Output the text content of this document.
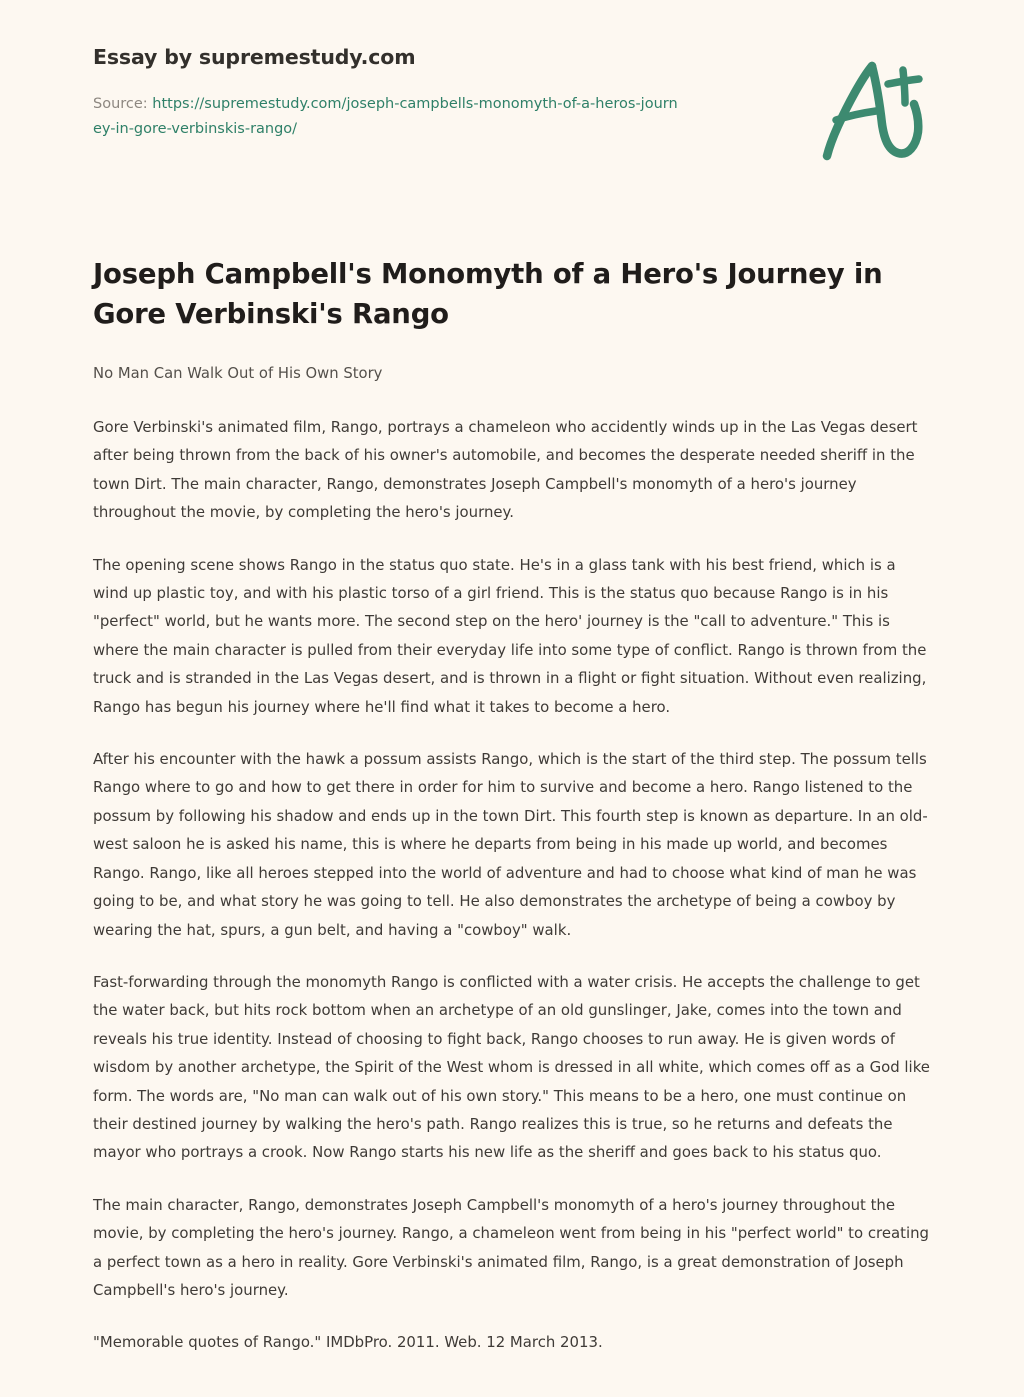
Essay by supremestudy.com
Source: https://supremestudy.com/joseph-campbells-monomyth-of-a-heros-journey-in-gore-verbinskis-rango/
Joseph Campbell's Monomyth of a Hero's Journey in Gore Verbinski's Rango
No Man Can Walk Out of His Own Story

Gore Verbinski's animated film, Rango, portrays a chameleon who accidently winds up in the Las Vegas desert after being thrown from the back of his owner's automobile, and becomes the desperate needed sheriff in the town Dirt. The main character, Rango, demonstrates Joseph Campbell's monomyth of a hero's journey throughout the movie, by completing the hero's journey.

The opening scene shows Rango in the status quo state. He's in a glass tank with his best friend, which is a wind up plastic toy, and with his plastic torso of a girl friend. This is the status quo because Rango is in his "perfect" world, but he wants more. The second step on the hero' journey is the "call to adventure." This is where the main character is pulled from their everyday life into some type of conflict. Rango is thrown from the truck and is stranded in the Las Vegas desert, and is thrown in a flight or fight situation. Without even realizing, Rango has begun his journey where he'll find what it takes to become a hero.

After his encounter with the hawk a possum assists Rango, which is the start of the third step. The possum tells Rango where to go and how to get there in order for him to survive and become a hero. Rango listened to the possum by following his shadow and ends up in the town Dirt. This fourth step is known as departure. In an old-west saloon he is asked his name, this is where he departs from being in his made up world, and becomes Rango. Rango, like all heroes stepped into the world of adventure and had to choose what kind of man he was going to be, and what story he was going to tell. He also demonstrates the archetype of being a cowboy by wearing the hat, spurs, a gun belt, and having a "cowboy" walk.

Fast-forwarding through the monomyth Rango is conflicted with a water crisis. He accepts the challenge to get the water back, but hits rock bottom when an archetype of an old gunslinger, Jake, comes into the town and reveals his true identity. Instead of choosing to fight back, Rango chooses to run away. He is given words of wisdom by another archetype, the Spirit of the West whom is dressed in all white, which comes off as a God like form. The words are, "No man can walk out of his own story." This means to be a hero, one must continue on their destined journey by walking the hero's path. Rango realizes this is true, so he returns and defeats the mayor who portrays a crook. Now Rango starts his new life as the sheriff and goes back to his status quo.

The main character, Rango, demonstrates Joseph Campbell's monomyth of a hero's journey throughout the movie, by completing the hero's journey. Rango, a chameleon went from being in his "perfect world" to creating a perfect town as a hero in reality. Gore Verbinski's animated film, Rango, is a great demonstration of Joseph Campbell's hero's journey.

"Memorable quotes of Rango." IMDbPro. 2011. Web. 12 March 2013.
